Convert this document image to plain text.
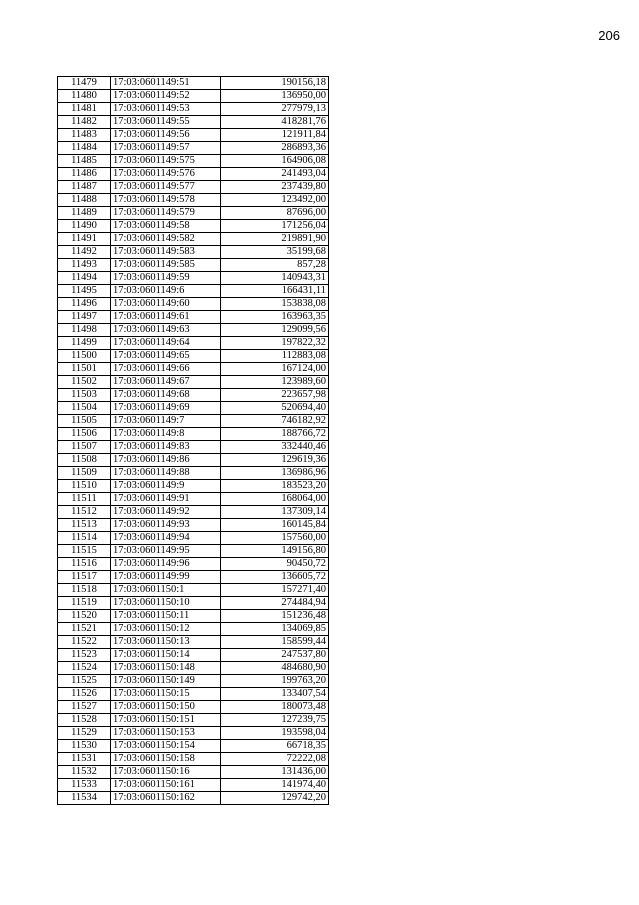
206
11479	17:03:0601149:51	190156,18
11480	17:03:0601149:52	136950,00
11481	17:03:0601149:53	277979,13
11482	17:03:0601149:55	418281,76
11483	17:03:0601149:56	121911,84
11484	17:03:0601149:57	286893,36
11485	17:03:0601149:575	164906,08
11486	17:03:0601149:576	241493,04
11487	17:03:0601149:577	237439,80
11488	17:03:0601149:578	123492,00
11489	17:03:0601149:579	87696,00
11490	17:03:0601149:58	171256,04
11491	17:03:0601149:582	219891,90
11492	17:03:0601149:583	35199,68
11493	17:03:0601149:585	857,28
11494	17:03:0601149:59	140943,31
11495	17:03:0601149:6	166431,11
11496	17:03:0601149:60	153838,08
11497	17:03:0601149:61	163963,35
11498	17:03:0601149:63	129099,56
11499	17:03:0601149:64	197822,32
11500	17:03:0601149:65	112883,08
11501	17:03:0601149:66	167124,00
11502	17:03:0601149:67	123989,60
11503	17:03:0601149:68	223657,98
11504	17:03:0601149:69	520694,40
11505	17:03:0601149:7	746182,92
11506	17:03:0601149:8	188766,72
11507	17:03:0601149:83	332440,46
11508	17:03:0601149:86	129619,36
11509	17:03:0601149:88	136986,96
11510	17:03:0601149:9	183523,20
11511	17:03:0601149:91	168064,00
11512	17:03:0601149:92	137309,14
11513	17:03:0601149:93	160145,84
11514	17:03:0601149:94	157560,00
11515	17:03:0601149:95	149156,80
11516	17:03:0601149:96	90450,72
11517	17:03:0601149:99	136605,72
11518	17:03:0601150:1	157271,40
11519	17:03:0601150:10	274484,94
11520	17:03:0601150:11	151236,48
11521	17:03:0601150:12	134069,85
11522	17:03:0601150:13	158599,44
11523	17:03:0601150:14	247537,80
11524	17:03:0601150:148	484680,90
11525	17:03:0601150:149	199763,20
11526	17:03:0601150:15	133407,54
11527	17:03:0601150:150	180073,48
11528	17:03:0601150:151	127239,75
11529	17:03:0601150:153	193598,04
11530	17:03:0601150:154	66718,35
11531	17:03:0601150:158	72222,08
11532	17:03:0601150:16	131436,00
11533	17:03:0601150:161	141974,40
11534	17:03:0601150:162	129742,20
